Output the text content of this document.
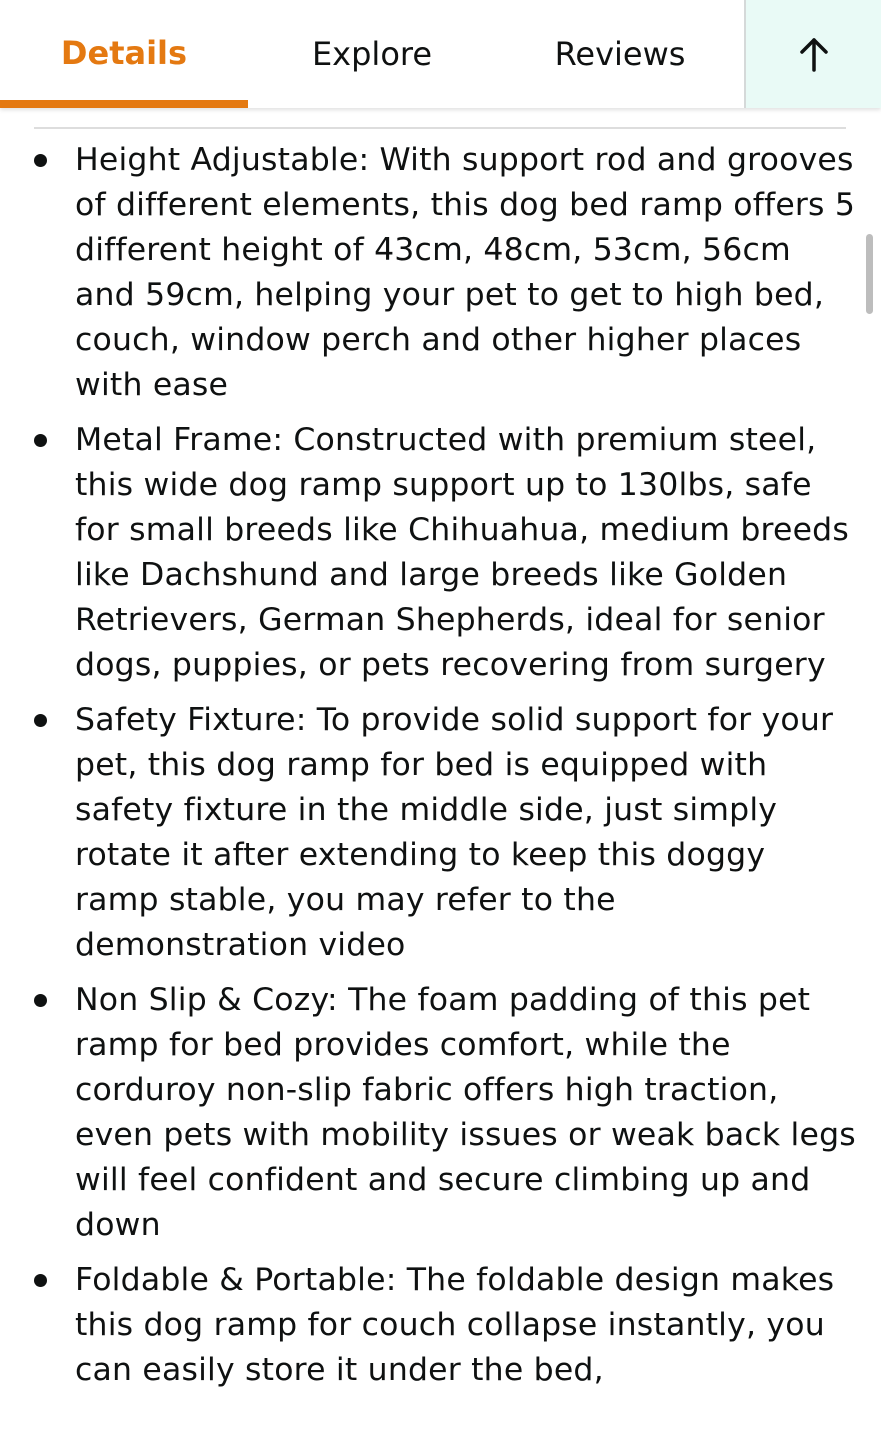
Details	Explore	Reviews
Height Adjustable: With support rod and grooves of different elements, this dog bed ramp offers 5 different height of 43cm, 48cm, 53cm, 56cm and 59cm, helping your pet to get to high bed, couch, window perch and other higher places with ease
Metal Frame: Constructed with premium steel, this wide dog ramp support up to 130lbs, safe for small breeds like Chihuahua, medium breeds like Dachshund and large breeds like Golden Retrievers, German Shepherds, ideal for senior dogs, puppies, or pets recovering from surgery
Safety Fixture: To provide solid support for your pet, this dog ramp for bed is equipped with safety fixture in the middle side, just simply rotate it after extending to keep this doggy ramp stable, you may refer to the demonstration video
Non Slip & Cozy: The foam padding of this pet ramp for bed provides comfort, while the corduroy non-slip fabric offers high traction, even pets with mobility issues or weak back legs will feel confident and secure climbing up and down
Foldable & Portable: The foldable design makes this dog ramp for couch collapse instantly, you can easily store it under the bed,
